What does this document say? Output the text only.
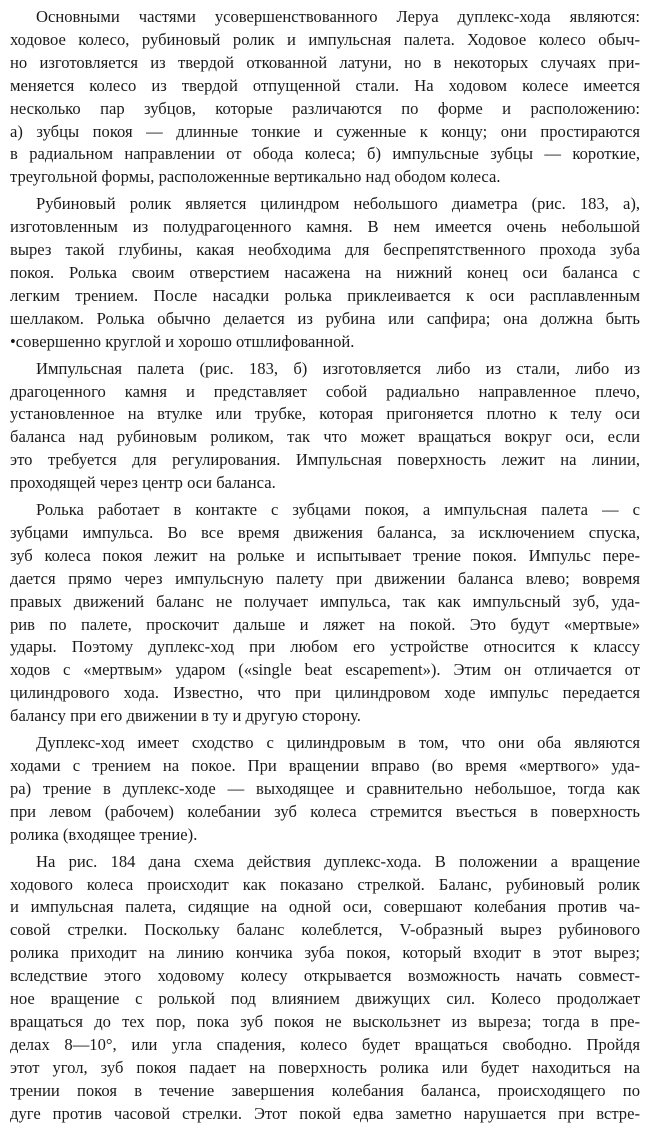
Основными частями усовершенствованного Леруа дуплекс-хода являются:
ходовое колесо, рубиновый ролик и импульсная палета. Ходовое колесо обыч-
но изготовляется из твердой откованной латуни, но в некоторых случаях при-
меняется колесо из твердой отпущенной стали. На ходовом колесе имеется
несколько пар зубцов, которые различаются по форме и расположению:
а) зубцы покоя — длинные тонкие и суженные к концу; они простираются
в радиальном направлении от обода колеса; б) импульсные зубцы — короткие,
треугольной формы, расположенные вертикально над ободом колеса.
Рубиновый ролик является цилиндром небольшого диаметра (рис. 183, а),
изготовленным из полудрагоценного камня. В нем имеется очень небольшой
вырез такой глубины, какая необходима для беспрепятственного прохода зуба
покоя. Ролька своим отверстием насажена на нижний конец оси баланса с
легким трением. После насадки ролька приклеивается к оси расплавленным
шеллаком. Ролька обычно делается из рубина или сапфира; она должна быть
•совершенно круглой и хорошо отшлифованной.
Импульсная палета (рис. 183, б) изготовляется либо из стали, либо из
драгоценного камня и представляет собой радиально направленное плечо,
установленное на втулке или трубке, которая пригоняется плотно к телу оси
баланса над рубиновым роликом, так что может вращаться вокруг оси, если
это требуется для регулирования. Импульсная поверхность лежит на линии,
проходящей через центр оси баланса.
Ролька работает в контакте с зубцами покоя, а импульсная палета — с
зубцами импульса. Во все время движения баланса, за исключением спуска,
зуб колеса покоя лежит на рольке и испытывает трение покоя. Импульс пере-
дается прямо через импульсную палету при движении баланса влево; вовремя
правых движений баланс не получает импульса, так как импульсный зуб, уда-
рив по палете, проскочит дальше и ляжет на покой. Это будут «мертвые»
удары. Поэтому дуплекс-ход при любом его устройстве относится к классу
ходов с «мертвым» ударом («single beat escapement»). Этим он отличается от
цилиндрового хода. Известно, что при цилиндровом ходе импульс передается
балансу при его движении в ту и другую сторону.
Дуплекс-ход имеет сходство с цилиндровым в том, что они оба являются
ходами с трением на покое. При вращении вправо (во время «мертвого» уда-
ра) трение в дуплекс-ходе — выходящее и сравнительно небольшое, тогда как
при левом (рабочем) колебании зуб колеса стремится въесться в поверхность
ролика (входящее трение).
На рис. 184 дана схема действия дуплекс-хода. В положении а вращение
ходового колеса происходит как показано стрелкой. Баланс, рубиновый ролик
и импульсная палета, сидящие на одной оси, совершают колебания против ча-
совой стрелки. Поскольку баланс колеблется, V-образный вырез рубинового
ролика приходит на линию кончика зуба покоя, который входит в этот вырез;
вследствие этого ходовому колесу открывается возможность начать совмест-
ное вращение с ролькой под влиянием движущих сил. Колесо продолжает
вращаться до тех пор, пока зуб покоя не выскользнет из выреза; тогда в пре-
делах 8—10°, или угла спадения, колесо будет вращаться свободно. Пройдя
этот угол, зуб покоя падает на поверхность ролика или будет находиться на
трении покоя в течение завершения колебания баланса, происходящего по
дуге против часовой стрелки. Этот покой едва заметно нарушается при встре-
